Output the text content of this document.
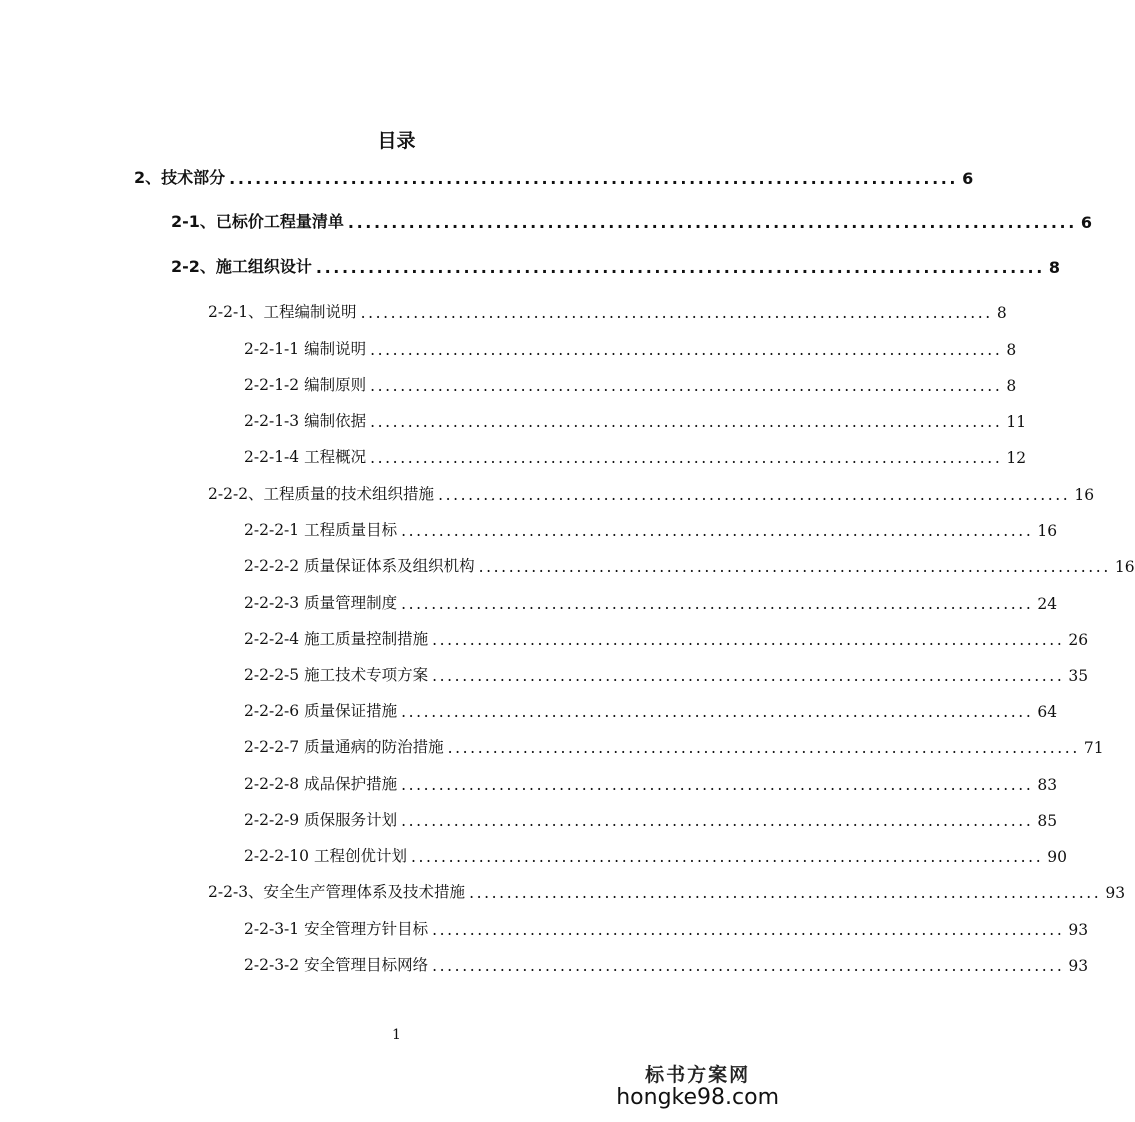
目录
2、技术部分 .................................................................................... 6
2-1、已标价工程量清单 .................................................................................... 6
2-2、施工组织设计 .................................................................................... 8
2-2-1、工程编制说明 .................................................................................... 8
2-2-1-1 编制说明 .................................................................................... 8
2-2-1-2 编制原则 .................................................................................... 8
2-2-1-3 编制依据 .................................................................................... 11
2-2-1-4 工程概况 .................................................................................... 12
2-2-2、工程质量的技术组织措施 .................................................................................... 16
2-2-2-1 工程质量目标 .................................................................................... 16
2-2-2-2 质量保证体系及组织机构 .................................................................................... 16
2-2-2-3 质量管理制度 .................................................................................... 24
2-2-2-4 施工质量控制措施 .................................................................................... 26
2-2-2-5 施工技术专项方案 .................................................................................... 35
2-2-2-6 质量保证措施 .................................................................................... 64
2-2-2-7 质量通病的防治措施 .................................................................................... 71
2-2-2-8 成品保护措施 .................................................................................... 83
2-2-2-9 质保服务计划 .................................................................................... 85
2-2-2-10 工程创优计划 .................................................................................... 90
2-2-3、安全生产管理体系及技术措施 .................................................................................... 93
2-2-3-1 安全管理方针目标 .................................................................................... 93
2-2-3-2 安全管理目标网络 .................................................................................... 93
1
标书方案网
hongke98.com
